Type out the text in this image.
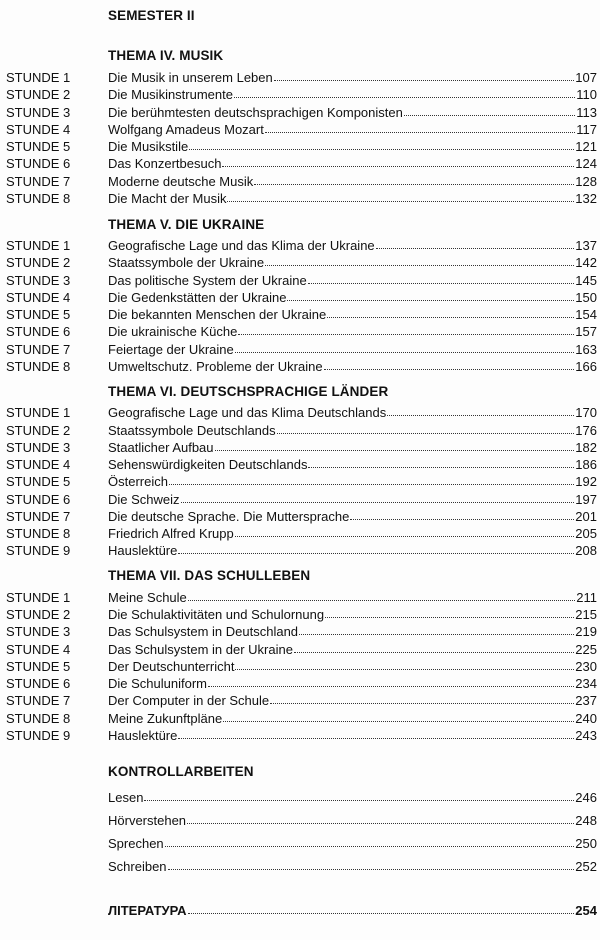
SEMESTER II
THEMA IV. MUSIK
STUNDE 1	Die Musik in unserem Leben	107
STUNDE 2	Die Musikinstrumente	110
STUNDE 3	Die berühmtesten deutschsprachigen Komponisten	113
STUNDE 4	Wolfgang Amadeus Mozart	117
STUNDE 5	Die Musikstile	121
STUNDE 6	Das Konzertbesuch	124
STUNDE 7	Moderne deutsche Musik	128
STUNDE 8	Die Macht der Musik	132
THEMA V. DIE UKRAINE
STUNDE 1	Geografische Lage und das Klima der Ukraine	137
STUNDE 2	Staatssymbole der Ukraine	142
STUNDE 3	Das politische System der Ukraine	145
STUNDE 4	Die Gedenkstätten der Ukraine	150
STUNDE 5	Die bekannten Menschen der Ukraine	154
STUNDE 6	Die ukrainische Küche	157
STUNDE 7	Feiertage der Ukraine	163
STUNDE 8	Umweltschutz. Probleme der Ukraine	166
THEMA VI. DEUTSCHSPRACHIGE LÄNDER
STUNDE 1	Geografische Lage und das Klima Deutschlands	170
STUNDE 2	Staatssymbole Deutschlands	176
STUNDE 3	Staatlicher Aufbau	182
STUNDE 4	Sehenswürdigkeiten Deutschlands	186
STUNDE 5	Österreich	192
STUNDE 6	Die Schweiz	197
STUNDE 7	Die deutsche Sprache. Die Muttersprache	201
STUNDE 8	Friedrich Alfred Krupp	205
STUNDE 9	Hauslektüre	208
THEMA VII. DAS SCHULLEBEN
STUNDE 1	Meine Schule	211
STUNDE 2	Die Schulaktivitäten und Schulornung	215
STUNDE 3	Das Schulsystem in Deutschland	219
STUNDE 4	Das Schulsystem in der Ukraine	225
STUNDE 5	Der Deutschunterricht	230
STUNDE 6	Die Schuluniform	234
STUNDE 7	Der Computer in der Schule	237
STUNDE 8	Meine Zukunftpläne	240
STUNDE 9	Hauslektüre	243
KONTROLLARBEITEN
Lesen	246
Hörverstehen	248
Sprechen	250
Schreiben	252
ЛІТЕРАТУРА	254
